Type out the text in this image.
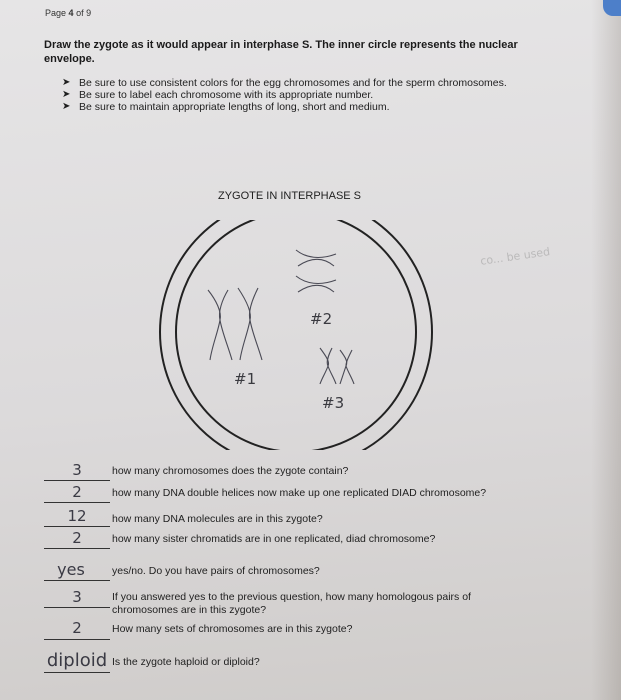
Page 4 of 9
Draw the zygote as it would appear in interphase S. The inner circle represents the nuclear envelope.
➤ Be sure to use consistent colors for the egg chromosomes and for the sperm chromosomes.
➤ Be sure to label each chromosome with its appropriate number.
➤ Be sure to maintain appropriate lengths of long, short and medium.
ZYGOTE IN INTERPHASE S
co... be used
#2
#1
#3
3	how many chromosomes does the zygote contain?
2	how many DNA double helices now make up one replicated DIAD chromosome?
12	how many DNA molecules are in this zygote?
2	how many sister chromatids are in one replicated, diad chromosome?
yes	yes/no. Do you have pairs of chromosomes?
3	If you answered yes to the previous question, how many homologous pairs of
chromosomes are in this zygote?
2	How many sets of chromosomes are in this zygote?
diploid Is the zygote haploid or diploid?
